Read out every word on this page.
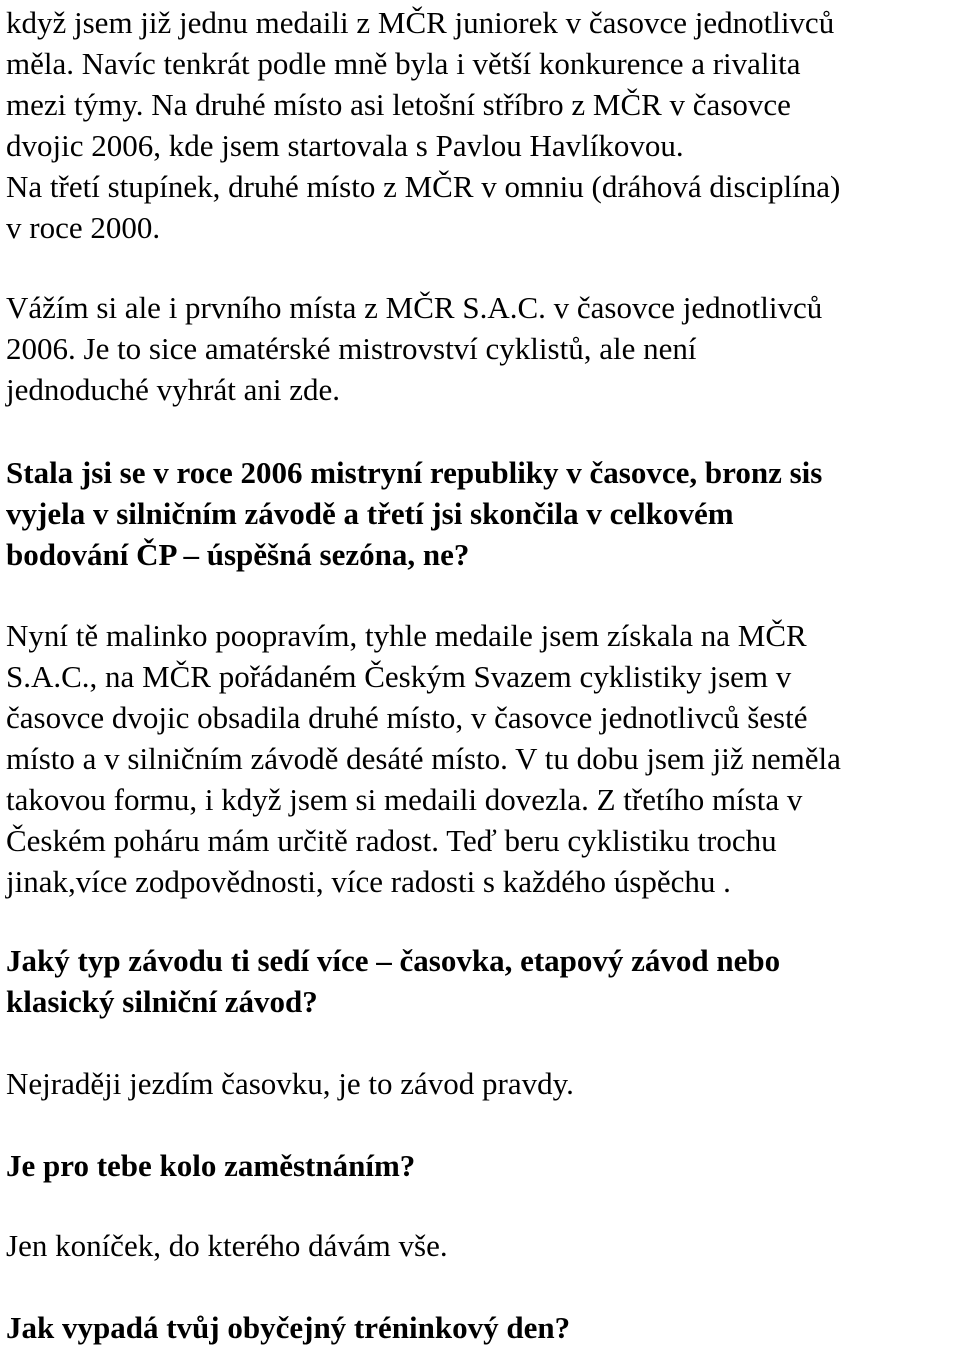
když jsem již jednu medaili z MČR juniorek v časovce jednotlivců
měla. Navíc tenkrát podle mně byla i větší konkurence a rivalita
mezi týmy. Na druhé místo asi letošní stříbro z MČR v časovce
dvojic 2006, kde jsem startovala s Pavlou Havlíkovou.
Na třetí stupínek, druhé místo z MČR v omniu (dráhová disciplína)
v roce 2000.
Vážím si ale i prvního místa z MČR S.A.C. v časovce jednotlivců
2006. Je to sice amatérské mistrovství cyklistů, ale není
jednoduché vyhrát ani zde.
Stala jsi se v roce 2006 mistryní republiky v časovce, bronz sis
vyjela v silničním závodě a třetí jsi skončila v celkovém
bodování ČP – úspěšná sezóna, ne?
Nyní tě malinko poopravím, tyhle medaile jsem získala na MČR
S.A.C., na MČR pořádaném Českým Svazem cyklistiky jsem v
časovce dvojic obsadila druhé místo, v časovce jednotlivců šesté
místo a v silničním závodě desáté místo. V tu dobu jsem již neměla
takovou formu, i když jsem si medaili dovezla. Z třetího místa v
Českém poháru mám určitě radost. Teď beru cyklistiku trochu
jinak,více zodpovědnosti, více radosti s každého úspěchu .
Jaký typ závodu ti sedí více – časovka, etapový závod nebo
klasický silniční závod?
Nejraději jezdím časovku, je to závod pravdy.
Je pro tebe kolo zaměstnáním?
Jen koníček, do kterého dávám vše.
Jak vypadá tvůj obyčejný tréninkový den?
